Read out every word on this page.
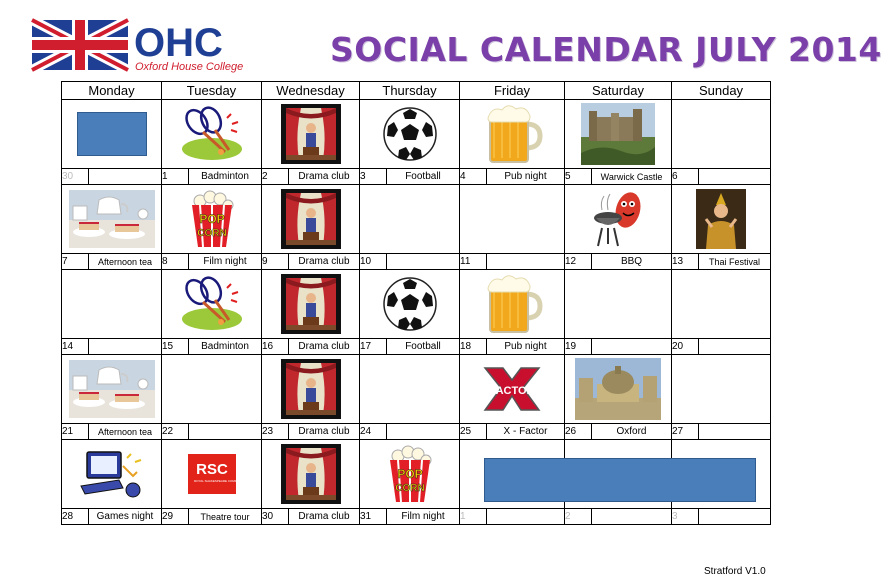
OHC
Oxford House College	SOCIAL CALENDAR JULY 2014
Monday		Tuesday		Wednesday		Thursday		Friday		Saturday		Sunday	

30		1	Badminton	2	Drama club	3	Football	4	Pub night	5	Warwick Castle	6	

POP
CORN

7	Afternoon tea	8	Film night	9	Drama club	10		11		12	BBQ	13	Thai Festival

14		15	Badminton	16	Drama club	17	Football	18	Pub night	19		20	

FACTOR

21	Afternoon tea	22		23	Drama club	24		25	X - Factor	26	Oxford	27	

RSC
ROYAL SHAKESPEARE COMPANY				POP
CORN							

28	Games night	29	Theatre tour	30	Drama club	31	Film night	1		2		3	
Stratford V1.0
